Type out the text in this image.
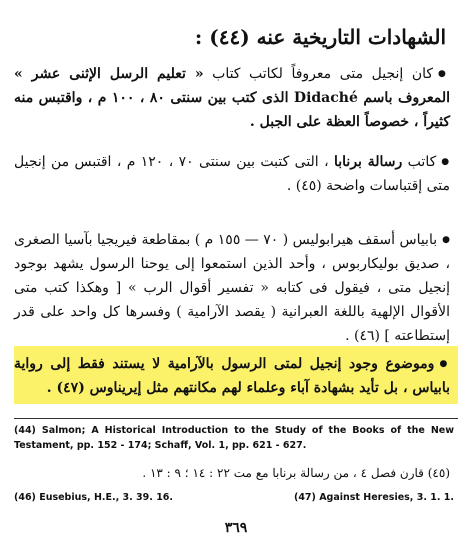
الشهادات التاريخية عنه (٤٤) :
● كان إنجيل متى معروفاً لكاتب كتاب « تعليم الرسل الإثنى عشر » المعروف باسم Didaché الذى كتب بين سنتى ٨٠ ، ١٠٠ م ، واقتبس منه كثيراً ، خصوصاً العظة على الجبل .
● كاتب رسالة برنابا ، التى كتبت بين سنتى ٧٠ ، ١٢٠ م ، اقتبس من إنجيل متى إقتباسات واضحة (٤٥) .
● بابياس أسقف هيرابوليس ( ٧٠ — ١٥٥ م ) بمقاطعة فيريجيا بآسيا الصغرى ، صديق بوليكاربوس ، وأحد الذين استمعوا إلى يوحنا الرسول يشهد بوجود إنجيل متى ، فيقول فى كتابه « تفسير أقوال الرب » [ وهكذا كتب متى الأقوال الإلهية باللغة العبرانية ( يقصد الآرامية ) وفسرها كل واحد على قدر إستطاعته ] (٤٦) .
● وموضوع وجود إنجيل لمتى الرسول بالآرامية لا يستند فقط إلى رواية بابياس ، بل تأيد بشهادة آباء وعلماء لهم مكانتهم مثل إيريناوس (٤٧) .
(44) Salmon; A Historical Introduction to the Study of the Books of the New Testament, pp. 152 - 174; Schaff, Vol. 1, pp. 621 - 627.
(٤٥) قارن فصل ٤ ، من رسالة برنابا مع مت ٢٢ : ١٤ ؛ ٩ : ١٣ .
(46) Eusebius, H.E., 3. 39. 16.	(47) Against Heresies, 3. 1. 1.
٣٦٩
